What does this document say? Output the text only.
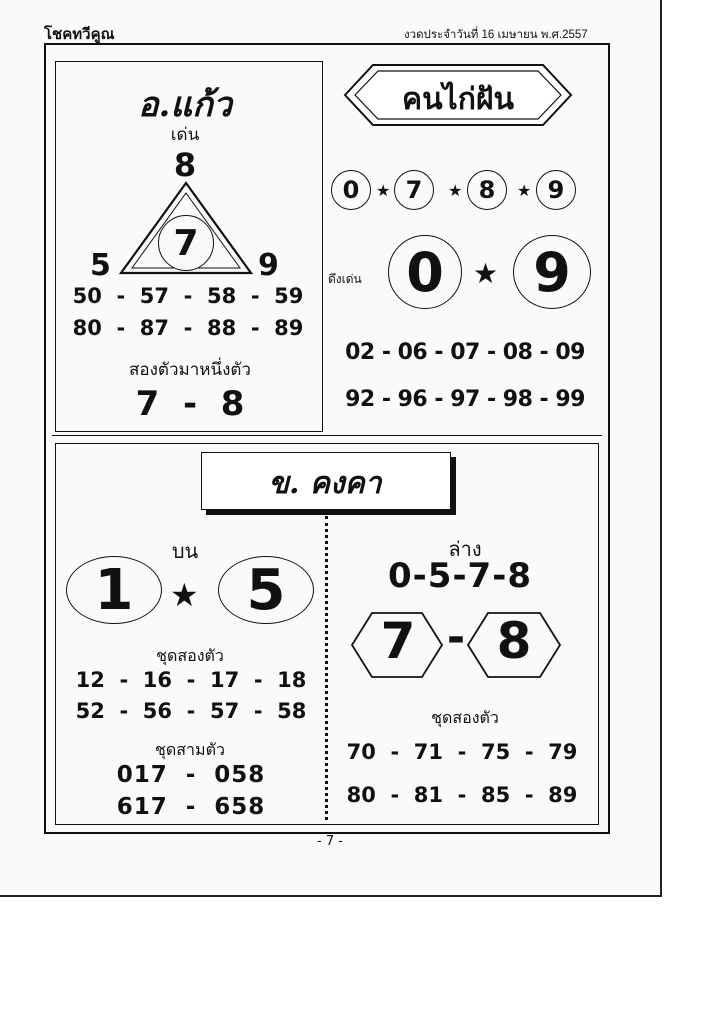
โชคทวีคูณ	งวดประจำวันที่ 16 เมษายน พ.ศ.2557
อ.แก้ว
เด่น
8
7
5	9
50  -  57  -  58  -  59
80  -  87  -  88  -  89
สองตัวมาหนึ่งตัว
7  -  8
คนไก่ฝัน
0	★ 7	★ 8	★ 9
ดึงเด่น 0	★ 9
02 - 06 - 07 - 08 - 09
92 - 96 - 97 - 98 - 99
ข. คงคา
บน
1	★ 5
ชุดสองตัว
12  -  16  -  17  -  18
52  -  56  -  57  -  58
ชุดสามตัว
017  -  058
617  -  658
ล่าง
0-5-7-8
7 - 8
ชุดสองตัว
70  -  71  -  75  -  79
80  -  81  -  85  -  89
- 7 -
